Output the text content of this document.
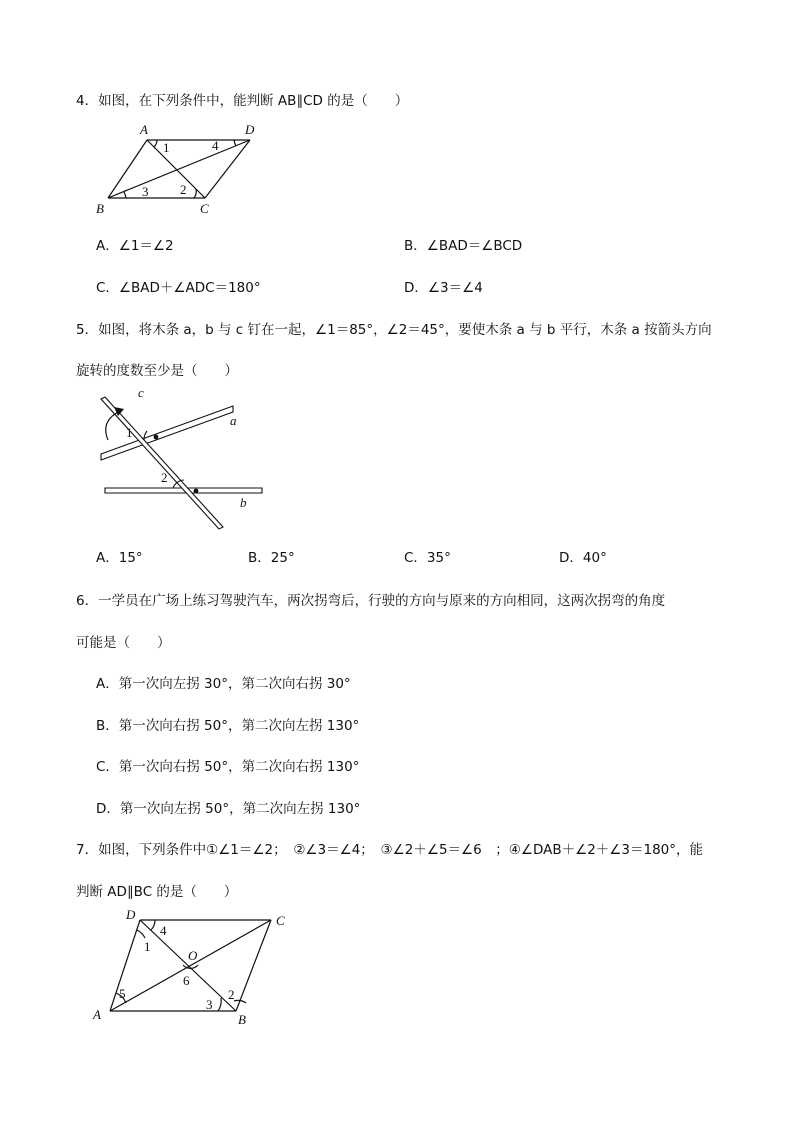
4．如图，在下列条件中，能判断 AB∥CD 的是（　　）
A	D
B	C
1
2
3
4
A．∠1＝∠2	B．∠BAD＝∠BCD
C．∠BAD＋∠ADC＝180°	D．∠3＝∠4
5．如图，将木条 a，b 与 c 钉在一起，∠1＝85°，∠2＝45°，要使木条 a 与 b 平行，木条 a 按箭头方向
旋转的度数至少是（　　）
c
a
b
1
2
A．15°	B．25°	C．35°	D．40°
6．一学员在广场上练习驾驶汽车，两次拐弯后，行驶的方向与原来的方向相同，这两次拐弯的角度
可能是（　　）
A．第一次向左拐 30°，第二次向右拐 30°
B．第一次向右拐 50°，第二次向左拐 130°
C．第一次向右拐 50°，第二次向右拐 130°
D．第一次向左拐 50°，第二次向左拐 130°
7．如图，下列条件中①∠1＝∠2；　②∠3＝∠4；　③∠2＋∠5＝∠6　；④∠DAB＋∠2＋∠3＝180°，能
判断 AD∥BC 的是（　　）
D	C
A	B
O
1
2
3
4
5
6
